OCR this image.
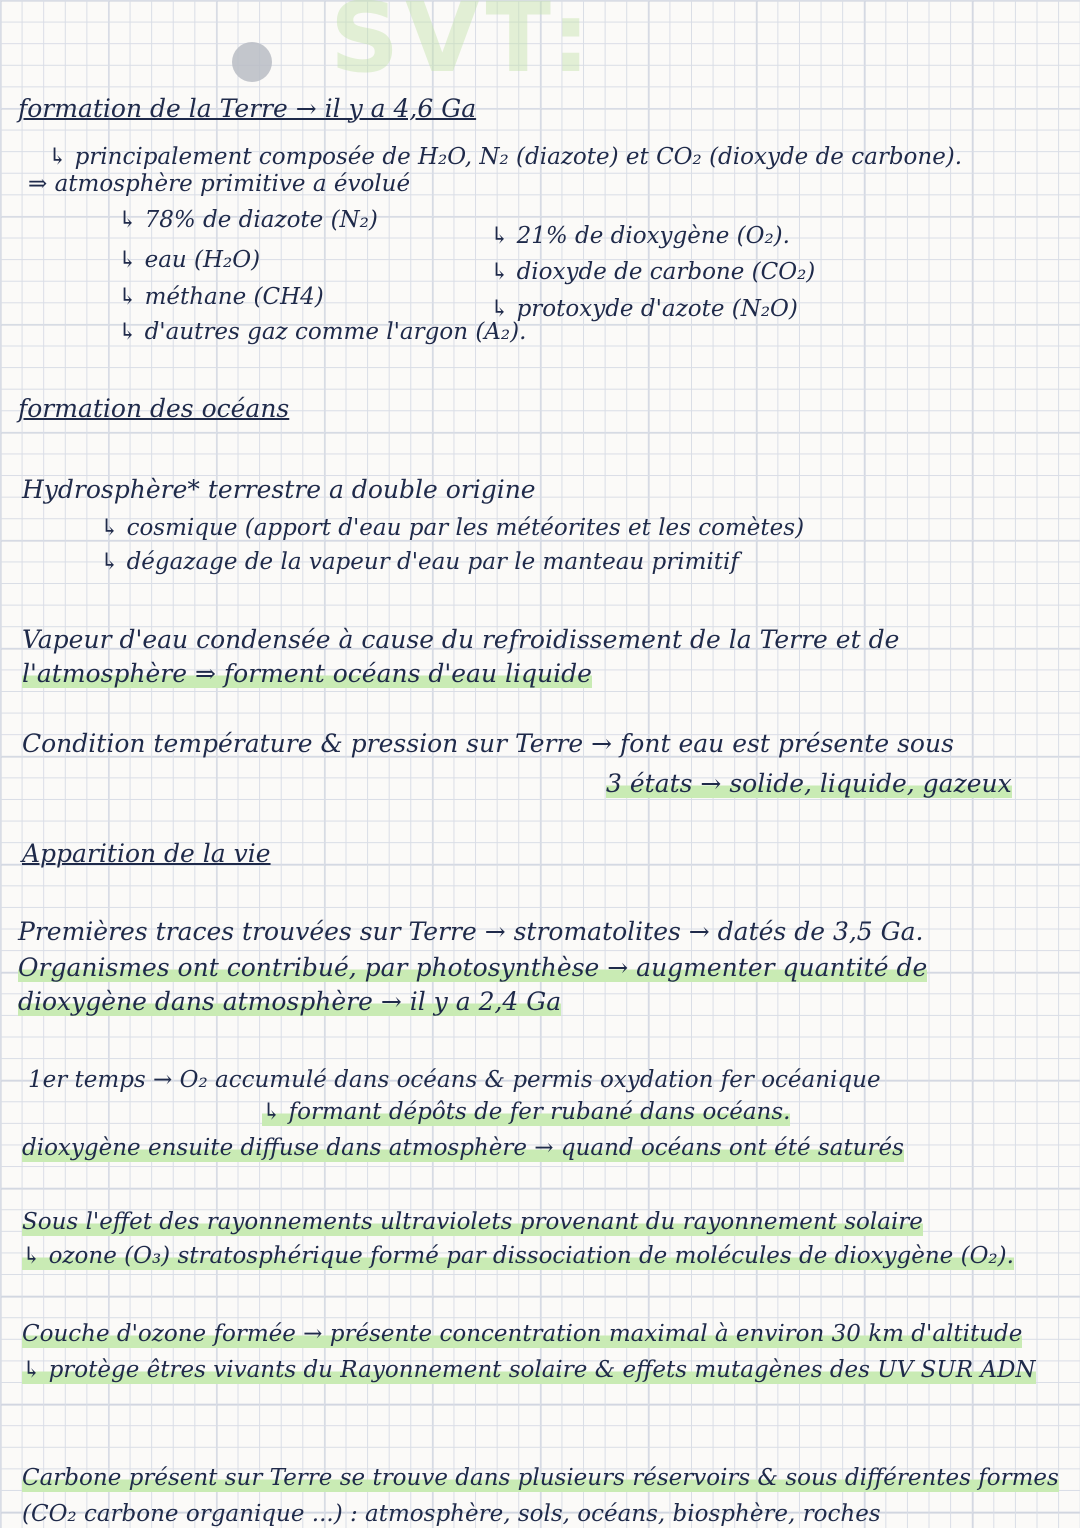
SVT:
formation de la Terre → il y a 4,6 Ga
↳ principalement composée de H₂O, N₂ (diazote) et CO₂ (dioxyde de carbone).
⇒ atmosphère primitive a évolué
↳ 78% de diazote (N₂)
↳ 21% de dioxygène (O₂).
↳ eau (H₂O)	↳ dioxyde de carbone (CO₂)
↳ méthane (CH4)	↳ protoxyde d'azote (N₂O)
↳ d'autres gaz comme l'argon (A₂).
formation des océans
Hydrosphère* terrestre a double origine
↳ cosmique (apport d'eau par les météorites et les comètes)
↳ dégazage de la vapeur d'eau par le manteau primitif
Vapeur d'eau condensée à cause du refroidissement de la Terre et de
l'atmosphère ⇒ forment océans d'eau liquide
Condition température & pression sur Terre → font eau est présente sous
3 états → solide, liquide, gazeux
Apparition de la vie
Premières traces trouvées sur Terre → stromatolites → datés de 3,5 Ga.
Organismes ont contribué, par photosynthèse → augmenter quantité de
dioxygène dans atmosphère → il y a 2,4 Ga
1er temps → O₂ accumulé dans océans & permis oxydation fer océanique
↳ formant dépôts de fer rubané dans océans.
dioxygène ensuite diffuse dans atmosphère → quand océans ont été saturés
Sous l'effet des rayonnements ultraviolets provenant du rayonnement solaire
↳ ozone (O₃) stratosphérique formé par dissociation de molécules de dioxygène (O₂).
Couche d'ozone formée → présente concentration maximal à environ 30 km d'altitude
↳ protège êtres vivants du Rayonnement solaire & effets mutagènes des UV SUR ADN
Carbone présent sur Terre se trouve dans plusieurs réservoirs & sous différentes formes
(CO₂ carbone organique ...) : atmosphère, sols, océans, biosphère, roches
